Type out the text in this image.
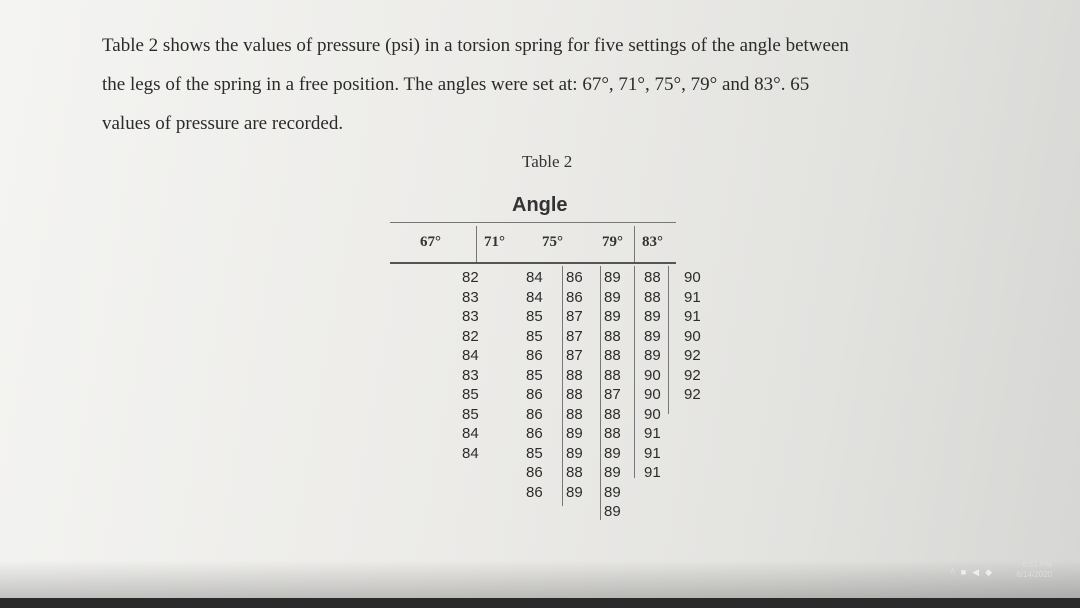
Table 2 shows the values of pressure (psi) in a torsion spring for five settings of the angle between

the legs of the spring in a free position. The angles were set at: 67°, 71°, 75°, 79° and 83°. 65

values of pressure are recorded.

Table 2
Angle
67°	71° 75°	79° 83°
82
83
83
82
84
83
85
85
84
84
84
84
85
85
86
85
86
86
86
85
86
86
86
86
87
87
87
88
88
88
89
89
88
89
89
89
89
88
88
88
87
88
88
89
89
89
89
88
88
89
89
89
90
90
90
91
91
91
90
91
91
90
92
92
92
^■◀◆
8:51 PM
6/14/2020
